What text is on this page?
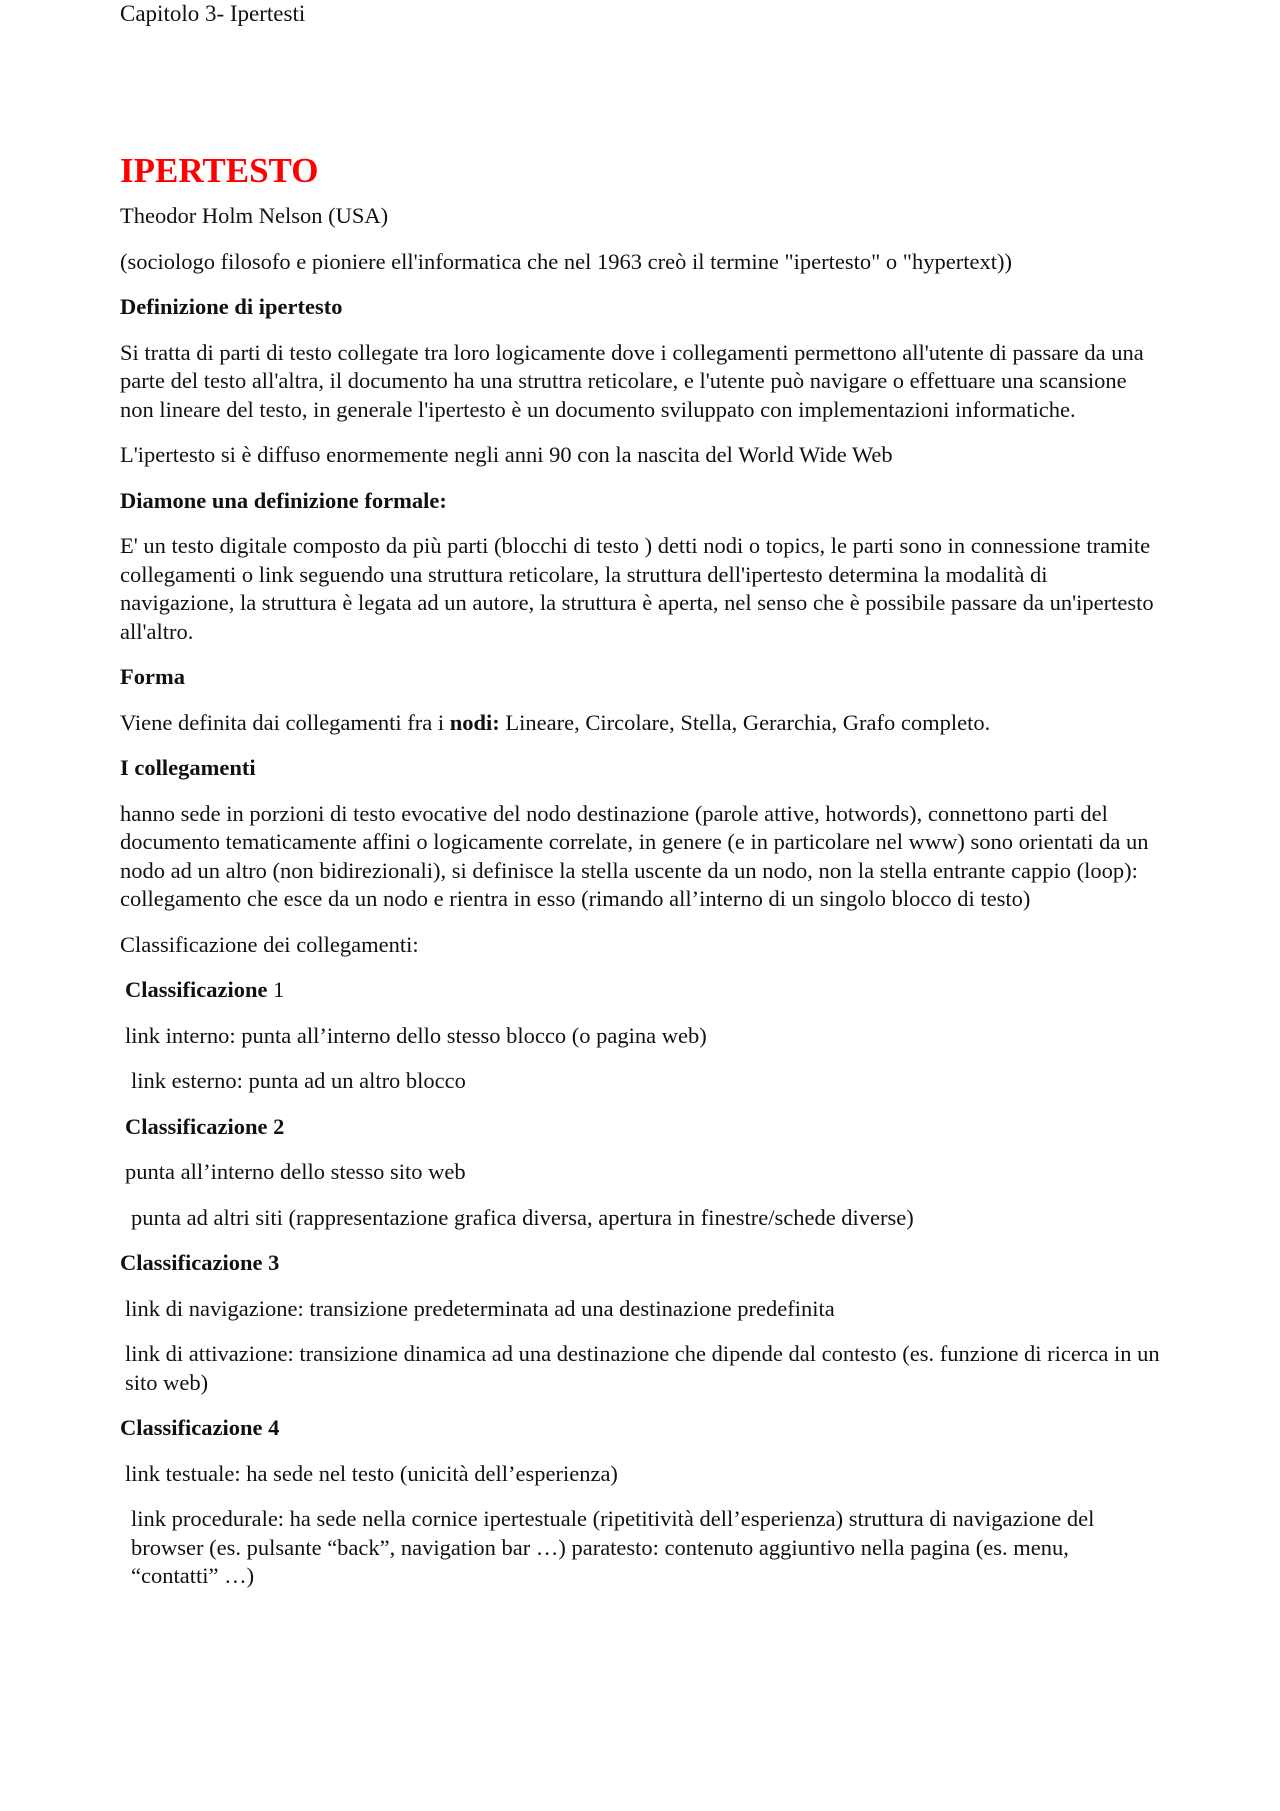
Capitolo 3- Ipertesti
IPERTESTO

Theodor Holm Nelson (USA)

(sociologo filosofo e pioniere ell'informatica che nel 1963 creò il termine "ipertesto" o "hypertext))

Definizione di ipertesto

Si tratta di parti di testo collegate tra loro logicamente dove i collegamenti permettono all'utente di passare da una parte del testo all'altra, il documento ha una struttra reticolare, e l'utente può navigare o effettuare una scansione non lineare del testo, in generale l'ipertesto è un documento sviluppato con implementazioni informatiche.

L'ipertesto si è diffuso enormemente negli anni 90 con la nascita del World Wide Web

Diamone una definizione formale:

E' un testo digitale composto da più parti (blocchi di testo ) detti nodi o topics, le parti sono in connessione tramite collegamenti o link seguendo una struttura reticolare, la struttura dell'ipertesto determina la modalità di navigazione, la struttura è legata ad un autore, la struttura è aperta, nel senso che è possibile passare da un'ipertesto all'altro.

Forma

Viene definita dai collegamenti fra i nodi: Lineare, Circolare, Stella, Gerarchia, Grafo completo.

I collegamenti

hanno sede in porzioni di testo evocative del nodo destinazione (parole attive, hotwords), connettono parti del documento tematicamente affini o logicamente correlate, in genere (e in particolare nel www) sono orientati da un nodo ad un altro (non bidirezionali), si definisce la stella uscente da un nodo, non la stella entrante cappio (loop): collegamento che esce da un nodo e rientra in esso (rimando all’interno di un singolo blocco di testo)

Classificazione dei collegamenti:

Classificazione 1

link interno: punta all’interno dello stesso blocco (o pagina web)

link esterno: punta ad un altro blocco

Classificazione 2

punta all’interno dello stesso sito web

punta ad altri siti (rappresentazione grafica diversa, apertura in finestre/schede diverse)

Classificazione 3

link di navigazione: transizione predeterminata ad una destinazione predefinita

link di attivazione: transizione dinamica ad una destinazione che dipende dal contesto (es. funzione di ricerca in un sito web)

Classificazione 4

link testuale: ha sede nel testo (unicità dell’esperienza)

link procedurale: ha sede nella cornice ipertestuale (ripetitività dell’esperienza) struttura di navigazione del browser (es. pulsante “back”, navigation bar …) paratesto: contenuto aggiuntivo nella pagina (es. menu, “contatti” …)
